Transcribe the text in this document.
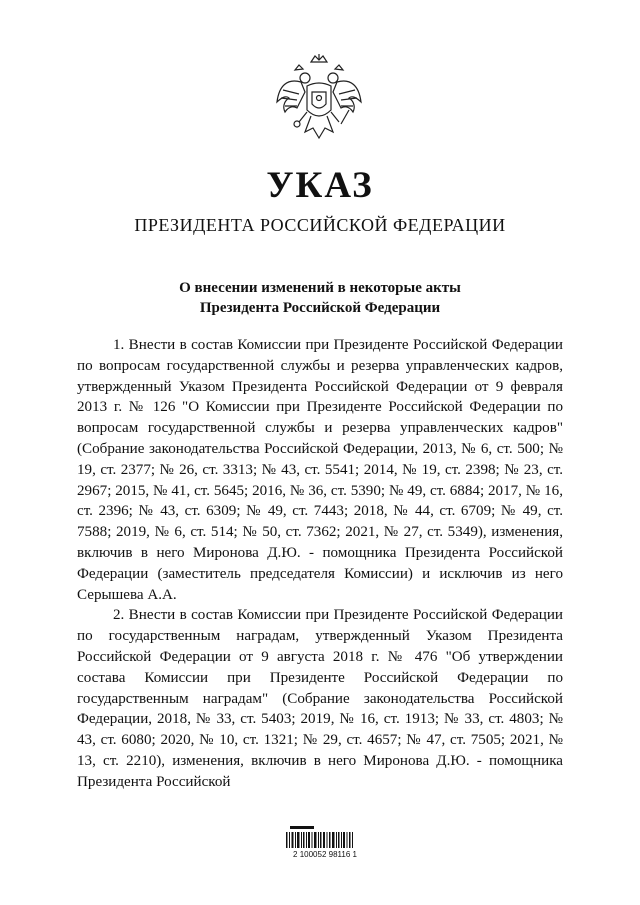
УКАЗ
ПРЕЗИДЕНТА РОССИЙСКОЙ ФЕДЕРАЦИИ
О внесении изменений в некоторые акты
Президента Российской Федерации

1. Внести в состав Комиссии при Президенте Российской Федерации по вопросам государственной службы и резерва управленческих кадров, утвержденный Указом Президента Российской Федерации от 9 февраля 2013 г. № 126 "О Комиссии при Президенте Российской Федерации по вопросам государственной службы и резерва управленческих кадров" (Собрание законодательства Российской Федерации, 2013, № 6, ст. 500; № 19, ст. 2377; № 26, ст. 3313; № 43, ст. 5541; 2014, № 19, ст. 2398; № 23, ст. 2967; 2015, № 41, ст. 5645; 2016, № 36, ст. 5390; № 49, ст. 6884; 2017, № 16, ст. 2396; № 43, ст. 6309; № 49, ст. 7443; 2018, № 44, ст. 6709; № 49, ст. 7588; 2019, № 6, ст. 514; № 50, ст. 7362; 2021, № 27, ст. 5349), изменения, включив в него Миронова Д.Ю. - помощника Президента Российской Федерации (заместитель председателя Комиссии) и исключив из него Серышева А.А.

2. Внести в состав Комиссии при Президенте Российской Федерации по государственным наградам, утвержденный Указом Президента Российской Федерации от 9 августа 2018 г. № 476 "Об утверждении состава Комиссии при Президенте Российской Федерации по государственным наградам" (Собрание законодательства Российской Федерации, 2018, № 33, ст. 5403; 2019, № 16, ст. 1913; № 33, ст. 4803; № 43, ст. 6080; 2020, № 10, ст. 1321; № 29, ст. 4657; № 47, ст. 7505; 2021, № 13, ст. 2210), изменения, включив в него Миронова Д.Ю. - помощника Президента Российской

2 100052 98116 1
